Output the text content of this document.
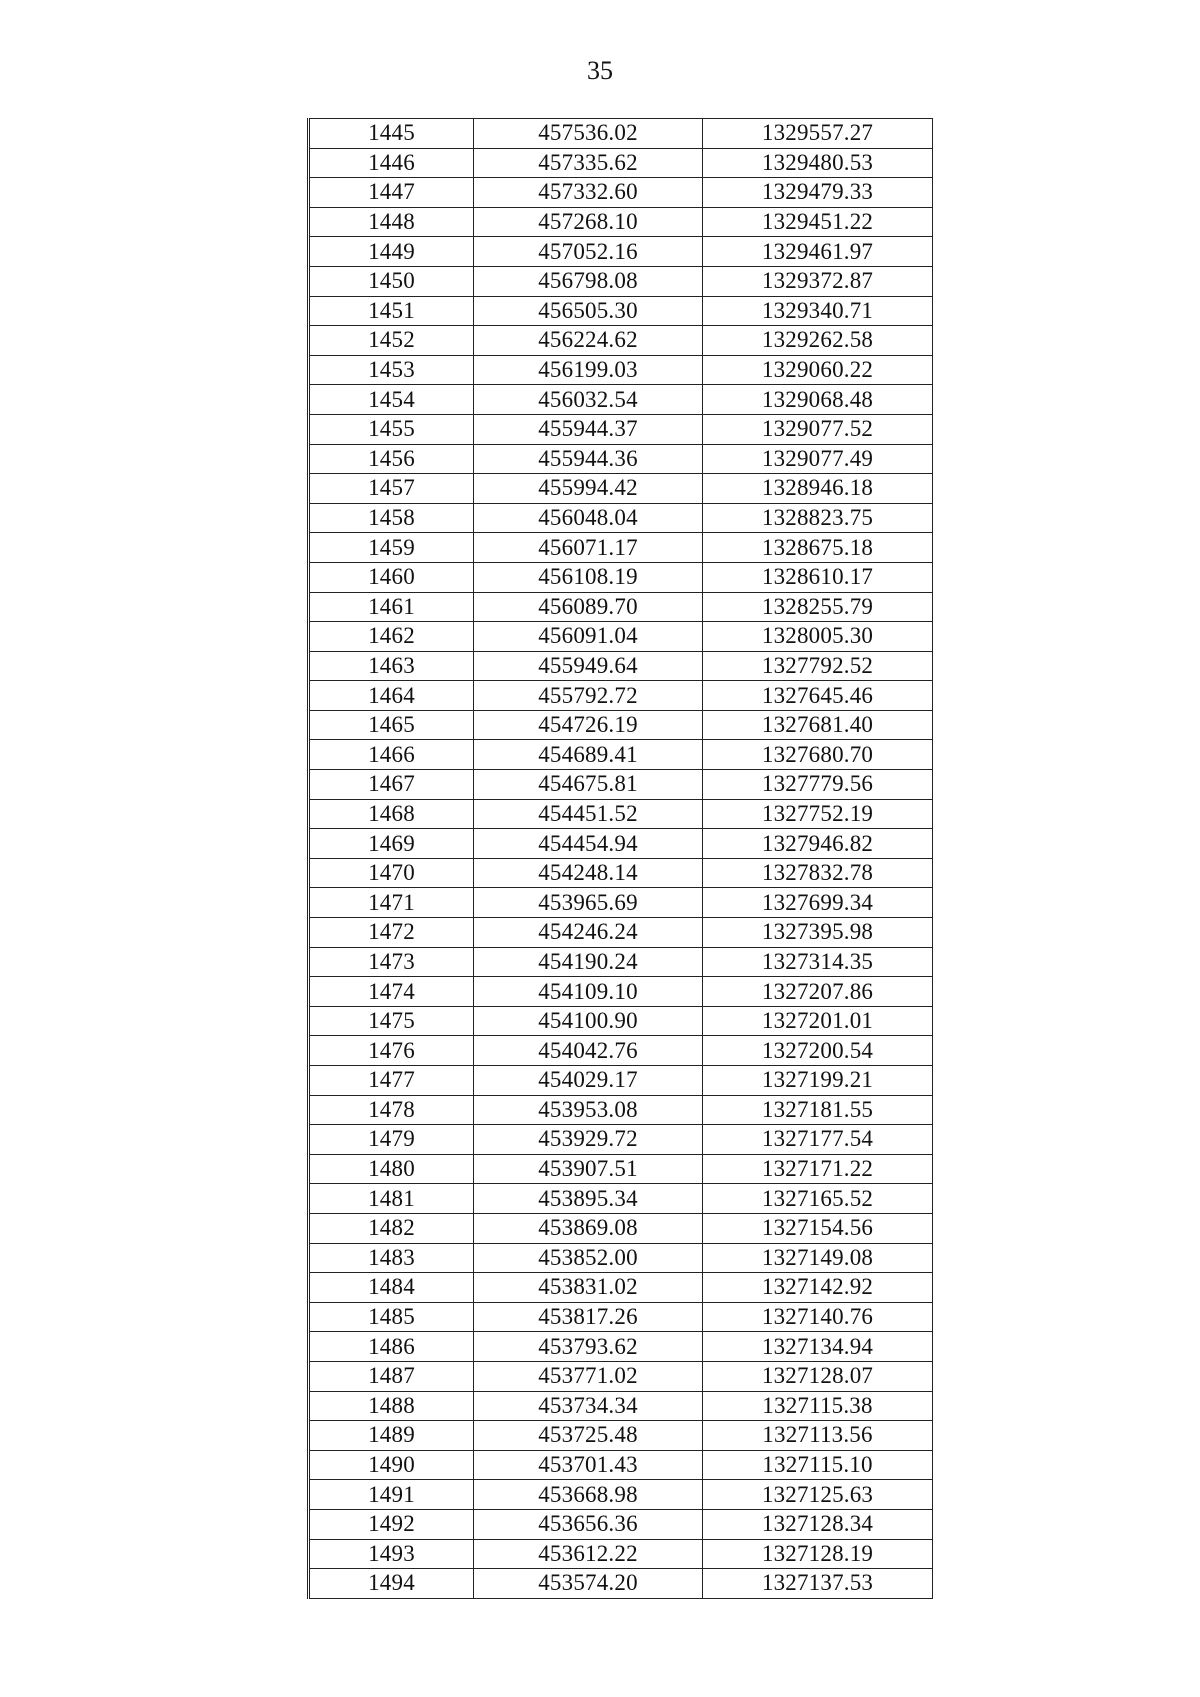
35
1445	457536.02	1329557.27
1446	457335.62	1329480.53
1447	457332.60	1329479.33
1448	457268.10	1329451.22
1449	457052.16	1329461.97
1450	456798.08	1329372.87
1451	456505.30	1329340.71
1452	456224.62	1329262.58
1453	456199.03	1329060.22
1454	456032.54	1329068.48
1455	455944.37	1329077.52
1456	455944.36	1329077.49
1457	455994.42	1328946.18
1458	456048.04	1328823.75
1459	456071.17	1328675.18
1460	456108.19	1328610.17
1461	456089.70	1328255.79
1462	456091.04	1328005.30
1463	455949.64	1327792.52
1464	455792.72	1327645.46
1465	454726.19	1327681.40
1466	454689.41	1327680.70
1467	454675.81	1327779.56
1468	454451.52	1327752.19
1469	454454.94	1327946.82
1470	454248.14	1327832.78
1471	453965.69	1327699.34
1472	454246.24	1327395.98
1473	454190.24	1327314.35
1474	454109.10	1327207.86
1475	454100.90	1327201.01
1476	454042.76	1327200.54
1477	454029.17	1327199.21
1478	453953.08	1327181.55
1479	453929.72	1327177.54
1480	453907.51	1327171.22
1481	453895.34	1327165.52
1482	453869.08	1327154.56
1483	453852.00	1327149.08
1484	453831.02	1327142.92
1485	453817.26	1327140.76
1486	453793.62	1327134.94
1487	453771.02	1327128.07
1488	453734.34	1327115.38
1489	453725.48	1327113.56
1490	453701.43	1327115.10
1491	453668.98	1327125.63
1492	453656.36	1327128.34
1493	453612.22	1327128.19
1494	453574.20	1327137.53
